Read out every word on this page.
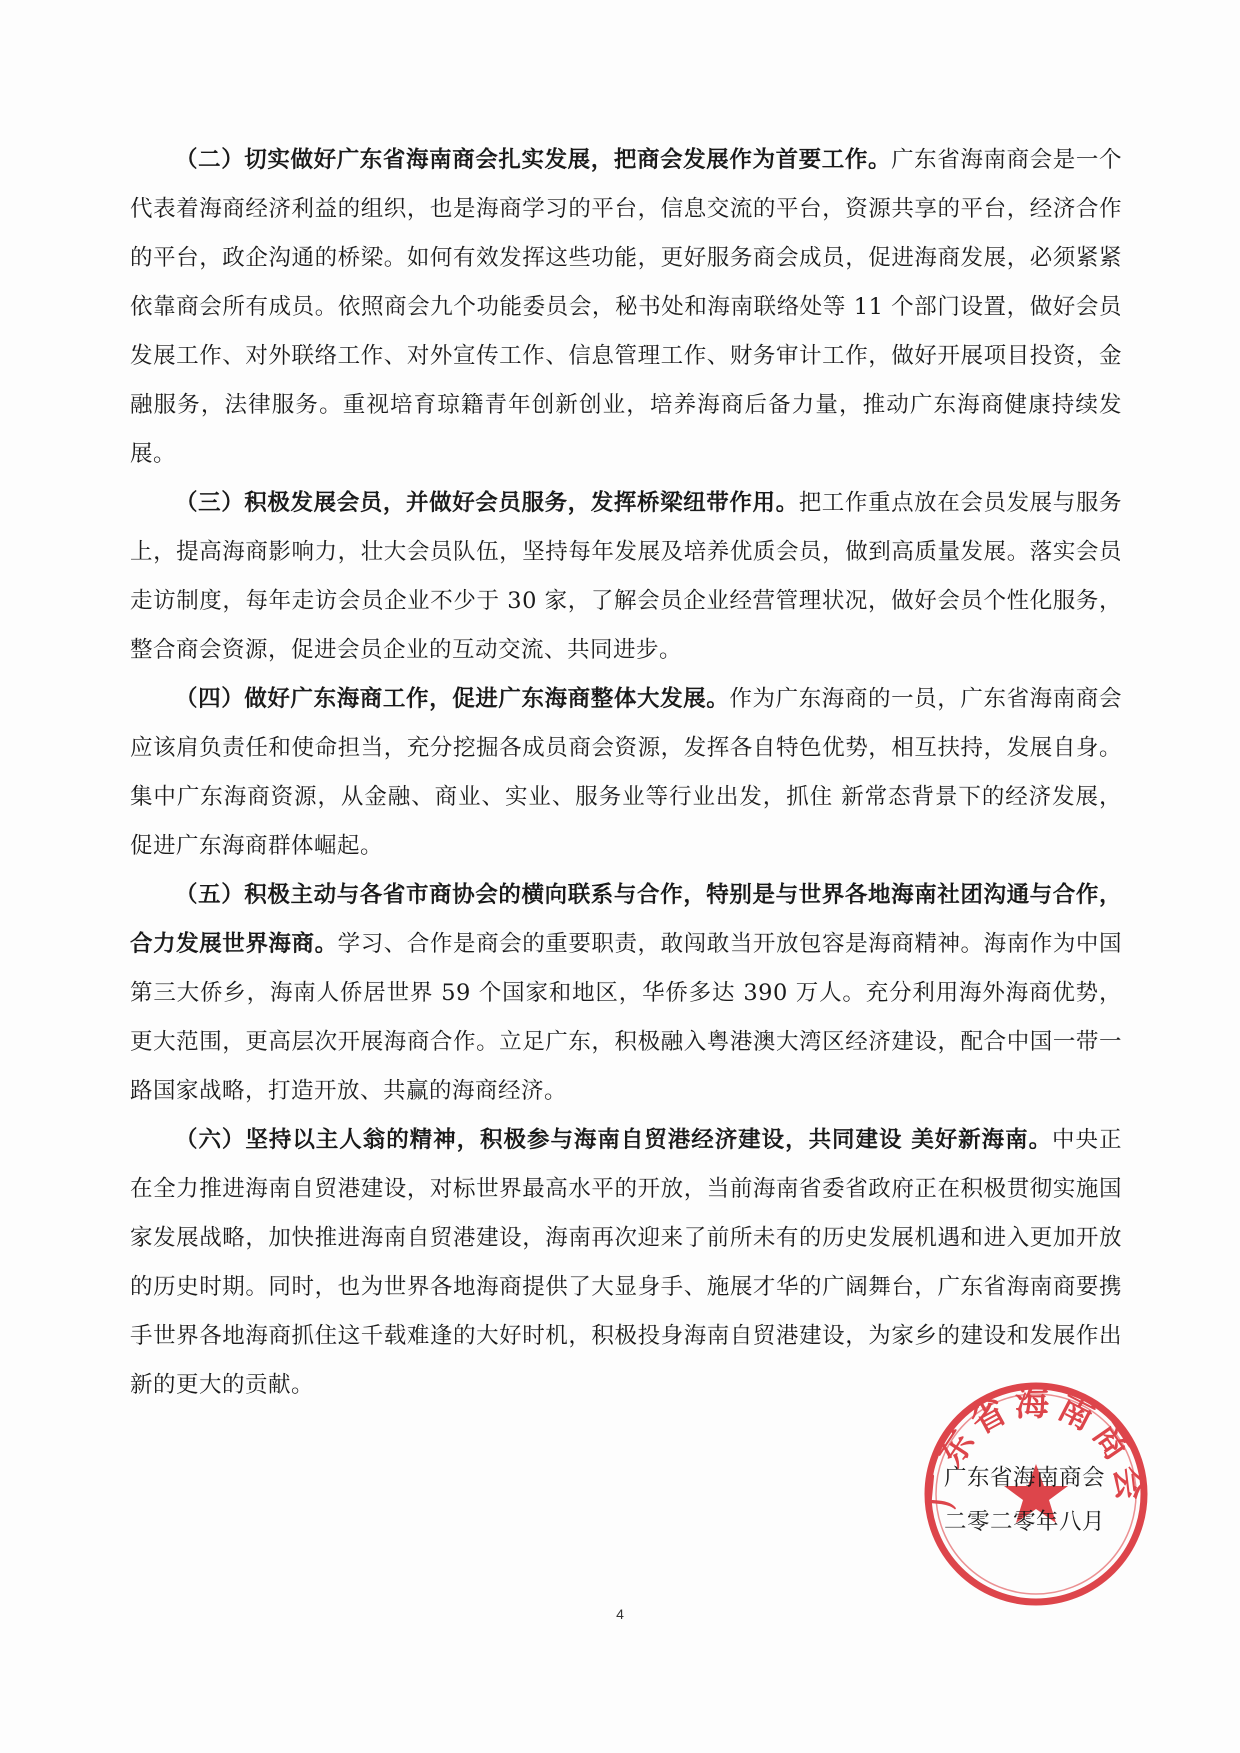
（二）切实做好广东省海南商会扎实发展，把商会发展作为首要工作。广东省海南商会是一个代表着海商经济利益的组织，也是海商学习的平台，信息交流的平台，资源共享的平台，经济合作的平台，政企沟通的桥梁。如何有效发挥这些功能，更好服务商会成员，促进海商发展，必须紧紧依靠商会所有成员。依照商会九个功能委员会，秘书处和海南联络处等 11 个部门设置，做好会员发展工作、对外联络工作、对外宣传工作、信息管理工作、财务审计工作，做好开展项目投资，金融服务，法律服务。重视培育琼籍青年创新创业，培养海商后备力量，推动广东海商健康持续发展。

（三）积极发展会员，并做好会员服务，发挥桥梁纽带作用。把工作重点放在会员发展与服务上，提高海商影响力，壮大会员队伍，坚持每年发展及培养优质会员，做到高质量发展。落实会员走访制度，每年走访会员企业不少于 30 家，了解会员企业经营管理状况，做好会员个性化服务，整合商会资源，促进会员企业的互动交流、共同进步。

（四）做好广东海商工作，促进广东海商整体大发展。作为广东海商的一员，广东省海南商会应该肩负责任和使命担当，充分挖掘各成员商会资源，发挥各自特色优势，相互扶持，发展自身。集中广东海商资源，从金融、商业、实业、服务业等行业出发，抓住 新常态背景下的经济发展，促进广东海商群体崛起。

（五）积极主动与各省市商协会的横向联系与合作，特别是与世界各地海南社团沟通与合作，合力发展世界海商。学习、合作是商会的重要职责，敢闯敢当开放包容是海商精神。海南作为中国第三大侨乡，海南人侨居世界 59 个国家和地区，华侨多达 390 万人。充分利用海外海商优势，更大范围，更高层次开展海商合作。立足广东，积极融入粤港澳大湾区经济建设，配合中国一带一路国家战略，打造开放、共赢的海商经济。

（六）坚持以主人翁的精神，积极参与海南自贸港经济建设，共同建设 美好新海南。中央正在全力推进海南自贸港建设，对标世界最高水平的开放，当前海南省委省政府正在积极贯彻实施国家发展战略，加快推进海南自贸港建设，海南再次迎来了前所未有的历史发展机遇和进入更加开放的历史时期。同时，也为世界各地海商提供了大显身手、施展才华的广阔舞台，广东省海南商要携手世界各地海商抓住这千载难逢的大好时机，积极投身海南自贸港建设，为家乡的建设和发展作出新的更大的贡献。

广东省海南商会
广东省海南商会
二零二零年八月
4
